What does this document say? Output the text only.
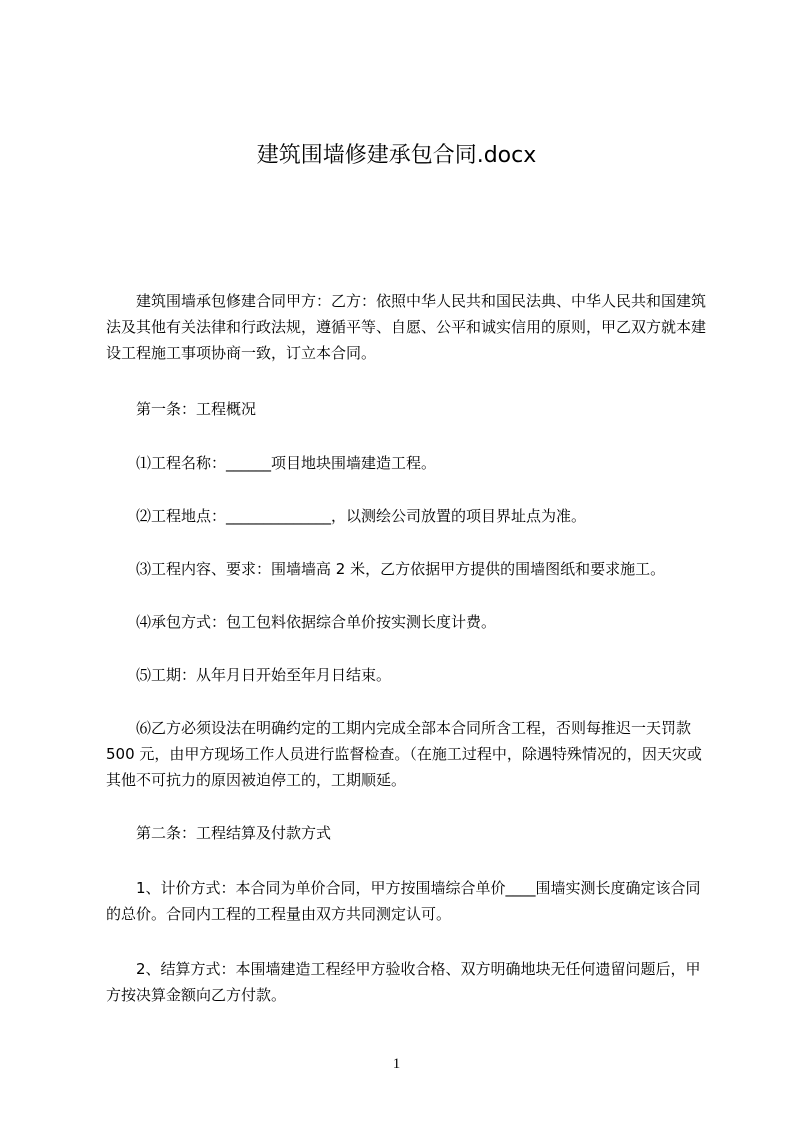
建筑围墙修建承包合同.docx

建筑围墙承包修建合同甲方：乙方：依照中华人民共和国民法典、中华人民共和国建筑法及其他有关法律和行政法规，遵循平等、自愿、公平和诚实信用的原则，甲乙双方就本建设工程施工事项协商一致，订立本合同。

第一条：工程概况

⑴工程名称：______项目地块围墙建造工程。

⑵工程地点：______________，以测绘公司放置的项目界址点为准。

⑶工程内容、要求：围墙墙高 2 米，乙方依据甲方提供的围墙图纸和要求施工。

⑷承包方式：包工包料依据综合单价按实测长度计费。

⑸工期：从年月日开始至年月日结束。

⑹乙方必须设法在明确约定的工期内完成全部本合同所含工程，否则每推迟一天罚款 500 元，由甲方现场工作人员进行监督检查。（在施工过程中，除遇特殊情况的，因天灾或其他不可抗力的原因被迫停工的，工期顺延。

第二条：工程结算及付款方式

1、计价方式：本合同为单价合同，甲方按围墙综合单价____围墙实测长度确定该合同的总价。合同内工程的工程量由双方共同测定认可。

2、结算方式：本围墙建造工程经甲方验收合格、双方明确地块无任何遗留问题后，甲方按决算金额向乙方付款。

1
